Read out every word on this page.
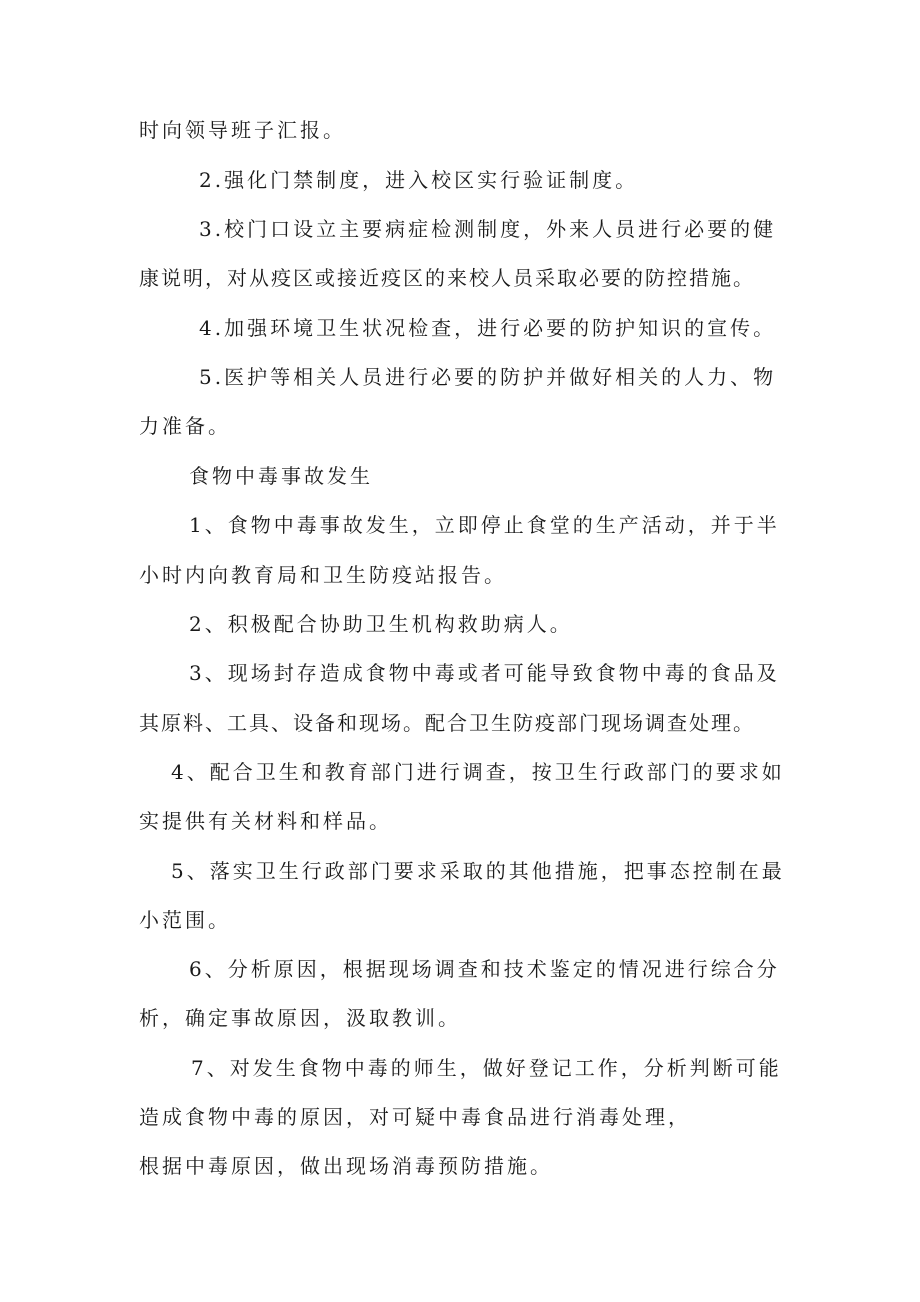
时向领导班子汇报。
2.强化门禁制度，进入校区实行验证制度。
3.校门口设立主要病症检测制度，外来人员进行必要的健
康说明，对从疫区或接近疫区的来校人员采取必要的防控措施。
4.加强环境卫生状况检查，进行必要的防护知识的宣传。
5.医护等相关人员进行必要的防护并做好相关的人力、物
力准备。
食物中毒事故发生
1、食物中毒事故发生，立即停止食堂的生产活动，并于半
小时内向教育局和卫生防疫站报告。
2、积极配合协助卫生机构救助病人。
3、现场封存造成食物中毒或者可能导致食物中毒的食品及
其原料、工具、设备和现场。配合卫生防疫部门现场调查处理。
4、配合卫生和教育部门进行调查，按卫生行政部门的要求如
实提供有关材料和样品。
5、落实卫生行政部门要求采取的其他措施，把事态控制在最
小范围。
6、分析原因，根据现场调查和技术鉴定的情况进行综合分
析，确定事故原因，汲取教训。
7、对发生食物中毒的师生，做好登记工作，分析判断可能
造成食物中毒的原因，对可疑中毒食品进行消毒处理，
根据中毒原因，做出现场消毒预防措施。
